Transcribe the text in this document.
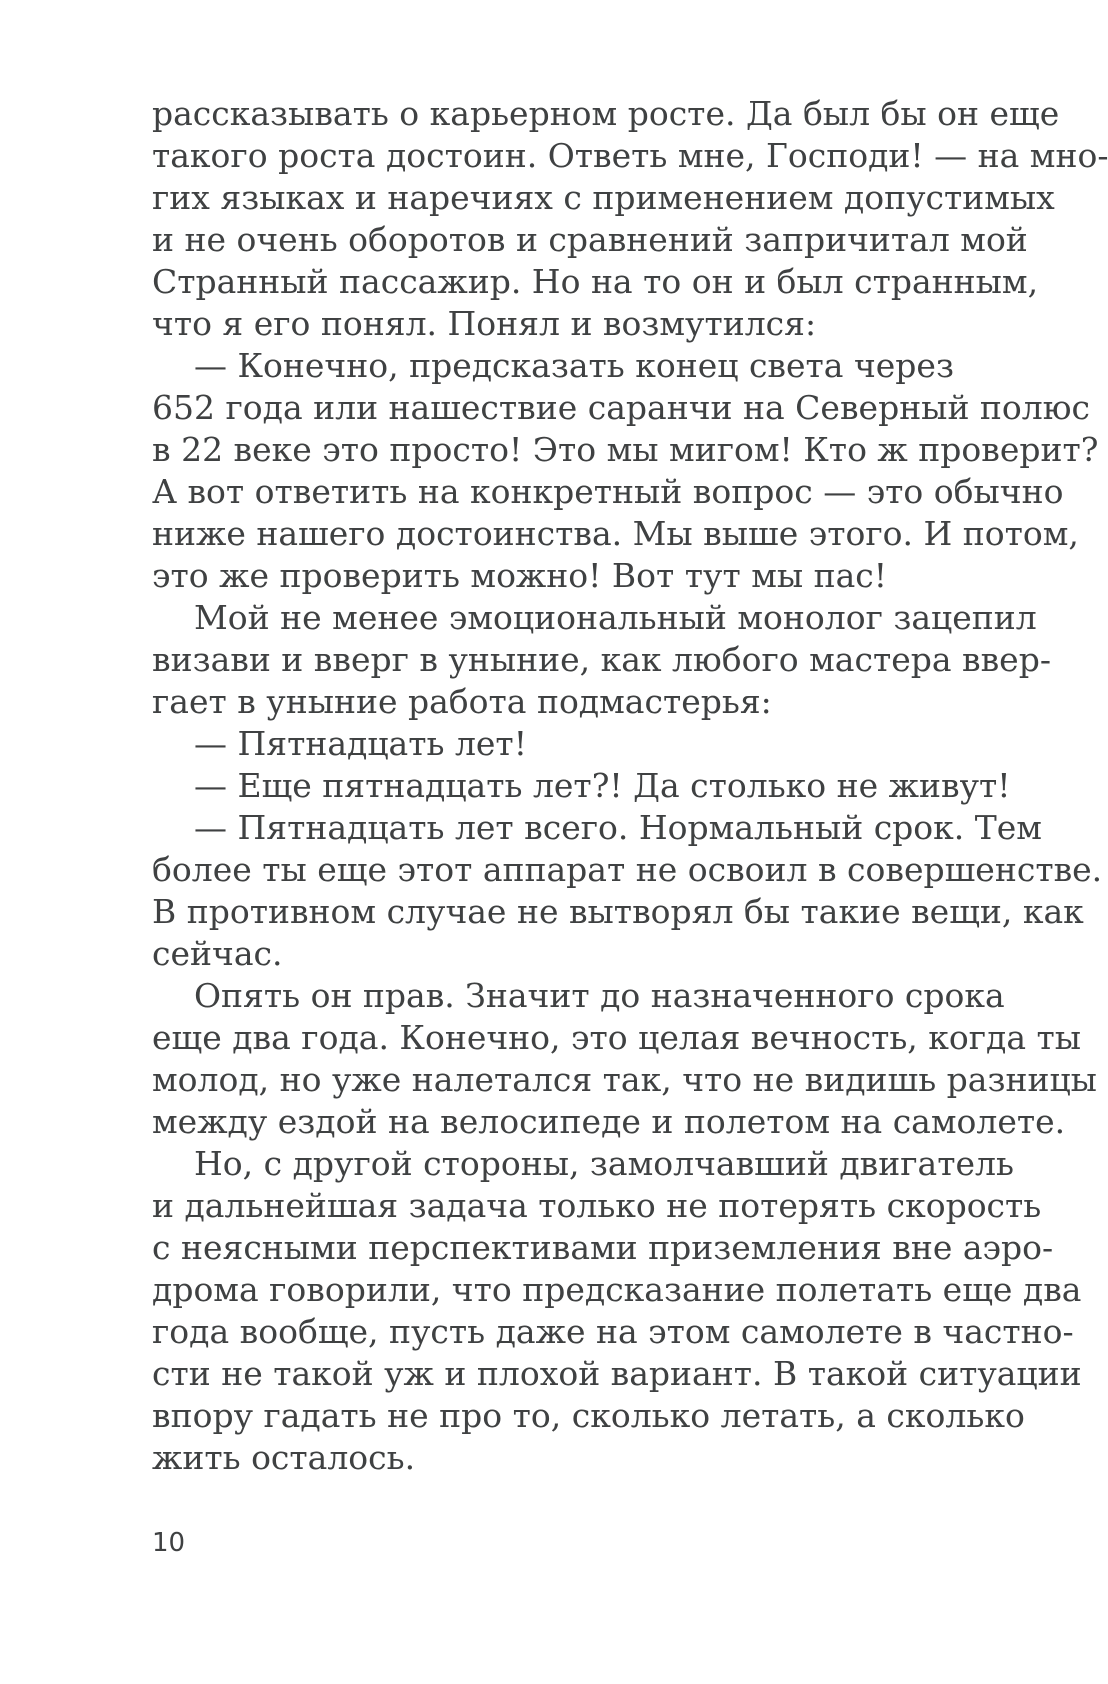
рассказывать о карьерном росте. Да был бы он еще
такого роста достоин. Ответь мне, Господи! — на мно-
гих языках и наречиях с применением допустимых
и не очень оборотов и сравнений запричитал мой
Странный пассажир. Но на то он и был странным,
что я его понял. Понял и возмутился:
— Конечно, предсказать конец света через
652 года или нашествие саранчи на Северный полюс
в 22 веке это просто! Это мы мигом! Кто ж проверит?
А вот ответить на конкретный вопрос — это обычно
ниже нашего достоинства. Мы выше этого. И потом,
это же проверить можно! Вот тут мы пас!
Мой не менее эмоциональный монолог зацепил
визави и вверг в уныние, как любого мастера ввер-
гает в уныние работа подмастерья:
— Пятнадцать лет!
— Еще пятнадцать лет?! Да столько не живут!
— Пятнадцать лет всего. Нормальный срок. Тем
более ты еще этот аппарат не освоил в совершенстве.
В противном случае не вытворял бы такие вещи, как
сейчас.
Опять он прав. Значит до назначенного срока
еще два года. Конечно, это целая вечность, когда ты
молод, но уже налетался так, что не видишь разницы
между ездой на велосипеде и полетом на самолете.
Но, с другой стороны, замолчавший двигатель
и дальнейшая задача только не потерять скорость
с неясными перспективами приземления вне аэро-
дрома говорили, что предсказание полетать еще два
года вообще, пусть даже на этом самолете в частно-
сти не такой уж и плохой вариант. В такой ситуации
впору гадать не про то, сколько летать, а сколько
жить осталось.
10
